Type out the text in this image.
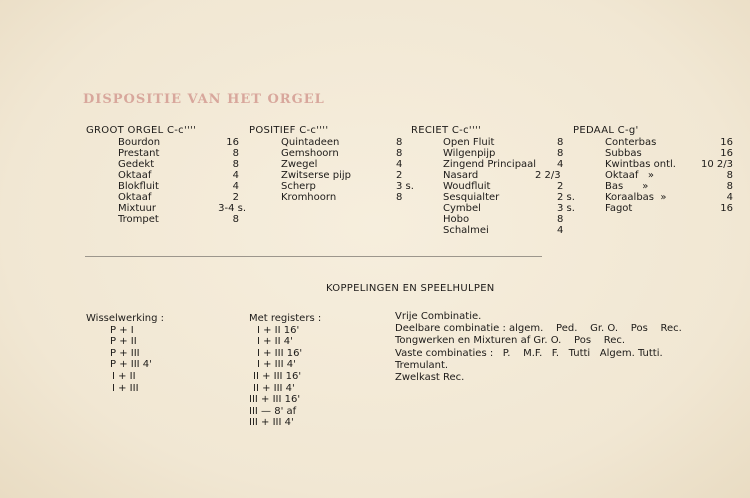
DISPOSITIE VAN HET ORGEL
GROOT ORGEL C-c''''
Bourdon	16
Prestant	8
Gedekt	8
Oktaaf	4
Blokfluit	4
Oktaaf	2
Mixtuur	3-4 s.
Trompet	8
POSITIEF C-c''''
Quintadeen	8
Gemshoorn	8
Zwegel	4
Zwitserse pijp	2
Scherp	3 s.
Kromhoorn	8
RECIET C-c''''
Open Fluit	8
Wilgenpijp	8
Zingend Principaal 4
Nasard	2 2/3
Woudfluit	2
Sesquialter	2 s.
Cymbel	3 s.
Hobo	8
Schalmei	4
PEDAAL C-g'
Conterbas	16
Subbas	16
Kwintbas ontl.	10 2/3
Oktaaf   »	8
Bas      »	8
Koraalbas  »	4
Fagot	16
KOPPELINGEN EN SPEELHULPEN
Wisselwerking :
P + I
P + II
P + III
P + III 4'
I + II
I + III
Met registers :
I + II 16'
I + II 4'
I + III 16'
I + III 4'
II + III 16'
II + III 4'
III + III 16'
III — 8' af
III + III 4'
Vrije Combinatie.
Deelbare combinatie : algem.    Ped.    Gr. O.    Pos    Rec.
Tongwerken en Mixturen af Gr. O.    Pos    Rec.
Vaste combinaties :   P.    M.F.   F.   Tutti   Algem. Tutti.
Tremulant.
Zwelkast Rec.
